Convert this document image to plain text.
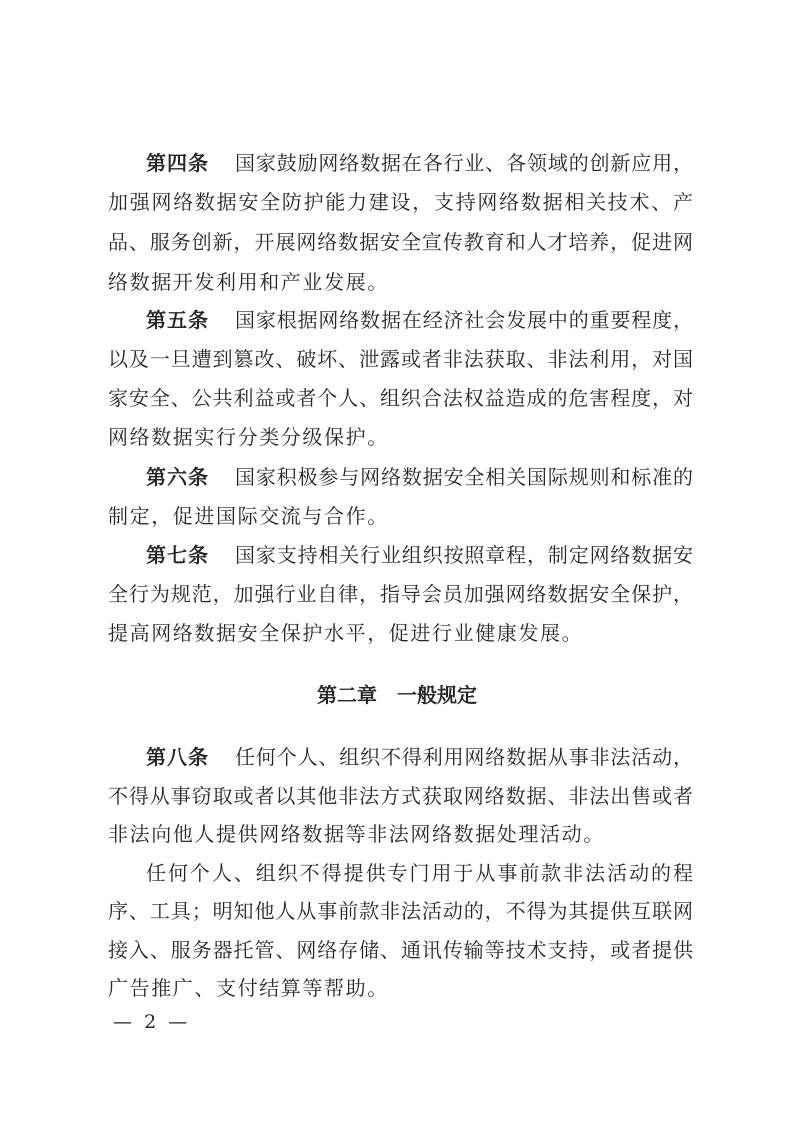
第四条 国家鼓励网络数据在各行业、各领域的创新应用，
加强网络数据安全防护能力建设，支持网络数据相关技术、产
品、服务创新，开展网络数据安全宣传教育和人才培养，促进网
络数据开发利用和产业发展。
第五条 国家根据网络数据在经济社会发展中的重要程度，
以及一旦遭到篡改、破坏、泄露或者非法获取、非法利用，对国
家安全、公共利益或者个人、组织合法权益造成的危害程度，对
网络数据实行分类分级保护。
第六条 国家积极参与网络数据安全相关国际规则和标准的
制定，促进国际交流与合作。
第七条 国家支持相关行业组织按照章程，制定网络数据安
全行为规范，加强行业自律，指导会员加强网络数据安全保护，
提高网络数据安全保护水平，促进行业健康发展。
第二章　一般规定
第八条 任何个人、组织不得利用网络数据从事非法活动，
不得从事窃取或者以其他非法方式获取网络数据、非法出售或者
非法向他人提供网络数据等非法网络数据处理活动。
任何个人、组织不得提供专门用于从事前款非法活动的程
序、工具；明知他人从事前款非法活动的，不得为其提供互联网
接入、服务器托管、网络存储、通讯传输等技术支持，或者提供
广告推广、支付结算等帮助。
—  2  —
